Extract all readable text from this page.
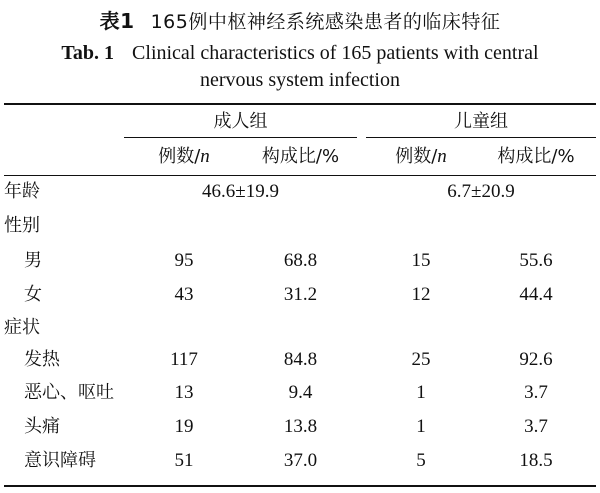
表1 165例中枢神经系统感染患者的临床特征
Tab. 1 Clinical characteristics of 165 patients with central
nervous system infection
成人组	儿童组
例数/n	构成比/%	例数/n	构成比/%
年龄	46.6±19.9	6.7±20.9
性别
男	95	68.8	15	55.6
女	43	31.2	12	44.4
症状
发热	117	84.8	25	92.6
恶心、呕吐	13	9.4	1	3.7
头痛	19	13.8	1	3.7
意识障碍	51	37.0	5	18.5
